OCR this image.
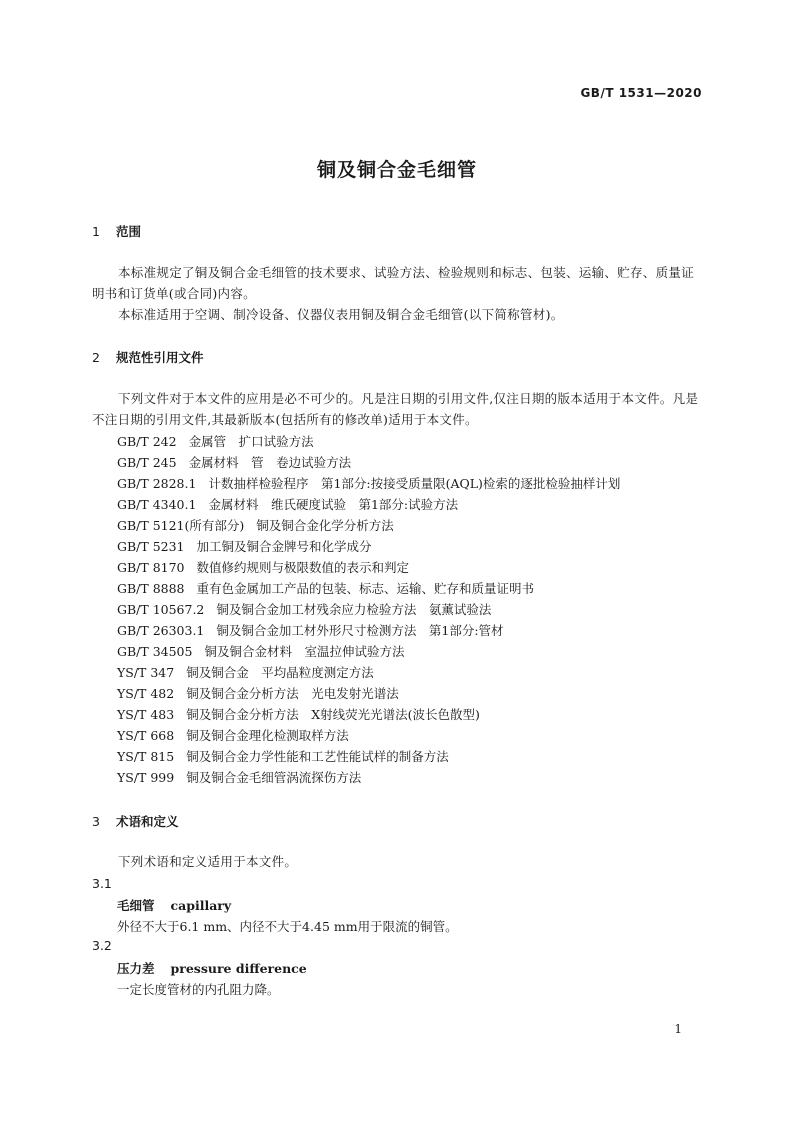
GB/T 1531—2020
铜及铜合金毛细管
1 范围
本标准规定了铜及铜合金毛细管的技术要求、试验方法、检验规则和标志、包装、运输、贮存、质量证明书和订货单(或合同)内容。
本标准适用于空调、制冷设备、仪器仪表用铜及铜合金毛细管(以下简称管材)。
2 规范性引用文件
下列文件对于本文件的应用是必不可少的。凡是注日期的引用文件,仅注日期的版本适用于本文件。凡是不注日期的引用文件,其最新版本(包括所有的修改单)适用于本文件。
GB/T 242 金属管　扩口试验方法
GB/T 245 金属材料　管　卷边试验方法
GB/T 2828.1 计数抽样检验程序　第1部分:按接受质量限(AQL)检索的逐批检验抽样计划
GB/T 4340.1 金属材料　维氏硬度试验　第1部分:试验方法
GB/T 5121(所有部分) 铜及铜合金化学分析方法
GB/T 5231 加工铜及铜合金牌号和化学成分
GB/T 8170 数值修约规则与极限数值的表示和判定
GB/T 8888 重有色金属加工产品的包装、标志、运输、贮存和质量证明书
GB/T 10567.2 铜及铜合金加工材残余应力检验方法　氨薰试验法
GB/T 26303.1 铜及铜合金加工材外形尺寸检测方法　第1部分:管材
GB/T 34505 铜及铜合金材料　室温拉伸试验方法
YS/T 347 铜及铜合金　平均晶粒度测定方法
YS/T 482 铜及铜合金分析方法　光电发射光谱法
YS/T 483 铜及铜合金分析方法　X射线荧光光谱法(波长色散型)
YS/T 668 铜及铜合金理化检测取样方法
YS/T 815 铜及铜合金力学性能和工艺性能试样的制备方法
YS/T 999 铜及铜合金毛细管涡流探伤方法
3 术语和定义
下列术语和定义适用于本文件。
3.1
毛细管 capillary
外径不大于6.1 mm、内径不大于4.45 mm用于限流的铜管。
3.2
压力差 pressure difference
一定长度管材的内孔阻力降。
1
